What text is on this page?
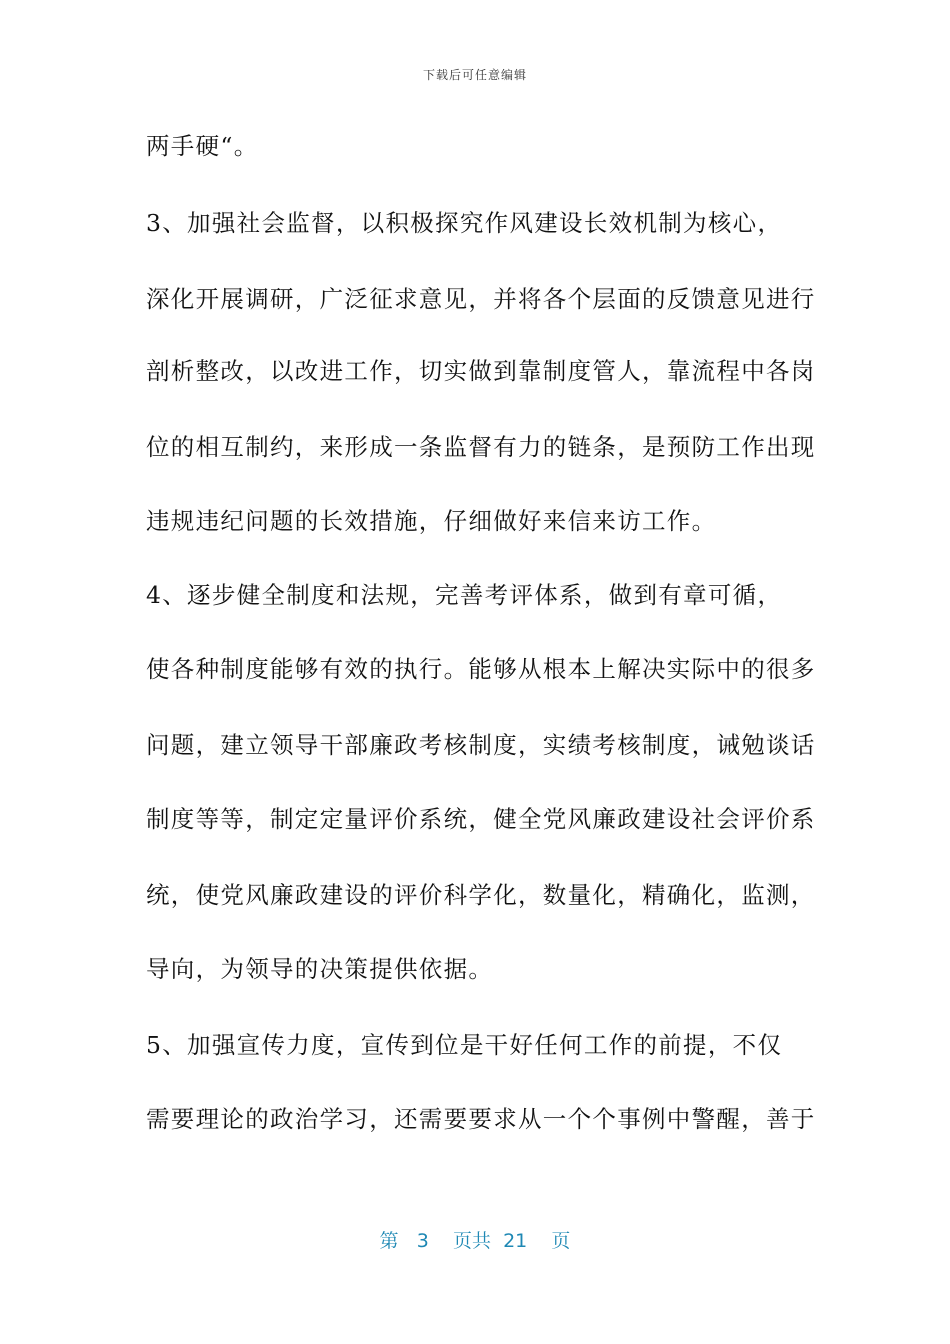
下载后可任意编辑
两手硬“。
3、加强社会监督，以积极探究作风建设长效机制为核心，
深化开展调研，广泛征求意见，并将各个层面的反馈意见进行
剖析整改，以改进工作，切实做到靠制度管人，靠流程中各岗
位的相互制约，来形成一条监督有力的链条，是预防工作出现
违规违纪问题的长效措施，仔细做好来信来访工作。
4、逐步健全制度和法规，完善考评体系，做到有章可循，
使各种制度能够有效的执行。能够从根本上解决实际中的很多
问题，建立领导干部廉政考核制度，实绩考核制度，诫勉谈话
制度等等，制定定量评价系统，健全党风廉政建设社会评价系
统，使党风廉政建设的评价科学化，数量化，精确化，监测，
导向，为领导的决策提供依据。
5、加强宣传力度，宣传到位是干好任何工作的前提，不仅
需要理论的政治学习，还需要要求从一个个事例中警醒，善于
第 3 页共 21 页
